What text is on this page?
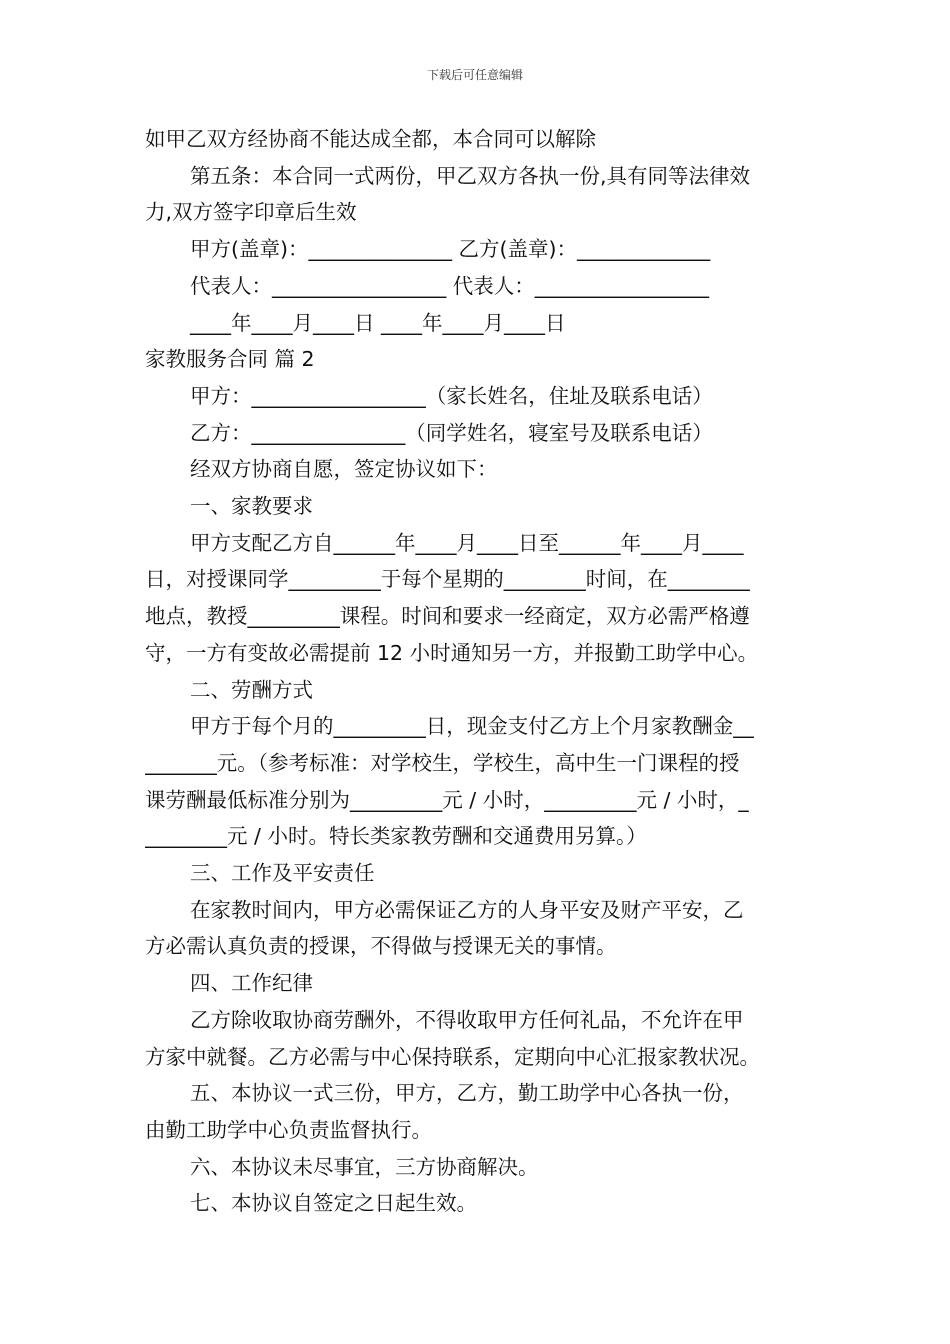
下载后可任意编辑

如甲乙双方经协商不能达成全都，本合同可以解除

第五条：本合同一式两份，甲乙双方各执一份,具有同等法律效

力,双方签字印章后生效

甲方(盖章)：______________ 乙方(盖章)：_____________

代表人：_________________ 代表人：_________________

____年____月____日 ____年____月____日

家教服务合同 篇 2

甲方：_________________（家长姓名，住址及联系电话）

乙方：_______________（同学姓名，寝室号及联系电话）

经双方协商自愿，签定协议如下：

一、家教要求

甲方支配乙方自______年____月____日至______年____月____

日，对授课同学_________于每个星期的________时间，在________

地点，教授_________课程。时间和要求一经商定，双方必需严格遵

守，一方有变故必需提前 12 小时通知另一方，并报勤工助学中心。

二、劳酬方式

甲方于每个月的_________日，现金支付乙方上个月家教酬金__

_______元。（参考标准：对学校生，学校生，高中生一门课程的授

课劳酬最低标准分别为_________元 / 小时，_________元 / 小时，_

________元 / 小时。特长类家教劳酬和交通费用另算。）

三、工作及平安责任

在家教时间内，甲方必需保证乙方的人身平安及财产平安，乙

方必需认真负责的授课，不得做与授课无关的事情。

四、工作纪律

乙方除收取协商劳酬外，不得收取甲方任何礼品，不允许在甲

方家中就餐。乙方必需与中心保持联系，定期向中心汇报家教状况。

五、本协议一式三份，甲方，乙方，勤工助学中心各执一份，

由勤工助学中心负责监督执行。

六、本协议未尽事宜，三方协商解决。

七、本协议自签定之日起生效。
